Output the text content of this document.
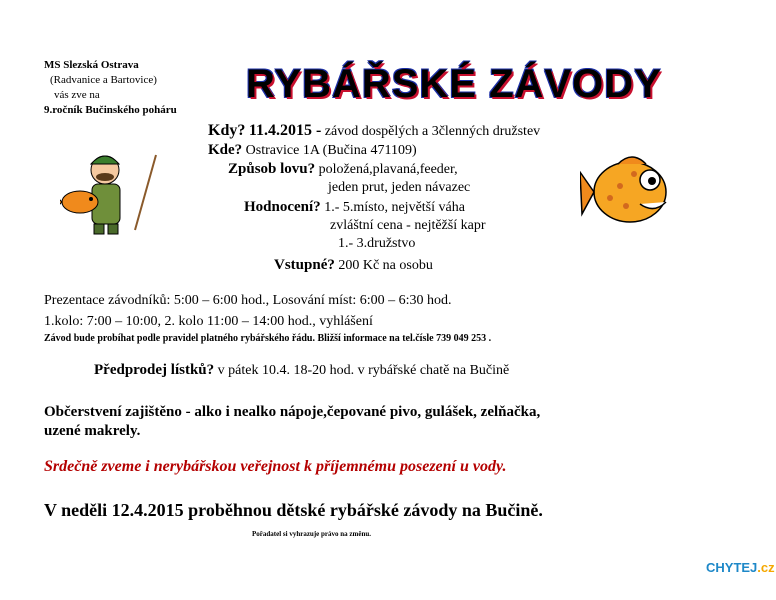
MS Slezská Ostrava
(Radvanice a Bartovice)
vás zve na
9.ročník Bučinského poháru
RYBÁŘSKÉ ZÁVODY
Kdy? 11.4.2015 - závod dospělých a 3členných družstev
Kde? Ostravice 1A (Bučina 471109)
Způsob lovu? položená,plavaná,feeder,
jeden prut, jeden návazec
Hodnocení? 1.- 5.místo, největší váha
zvláštní cena - nejtěžší kapr
1.- 3.družstvo
Vstupné? 200 Kč na osobu
Prezentace závodníků: 5:00 – 6:00 hod., Losování míst: 6:00 – 6:30 hod.
1.kolo: 7:00 – 10:00, 2. kolo 11:00 – 14:00 hod., vyhlášení
Závod bude probíhat podle pravidel platného rybářského řádu. Bližší informace na tel.čísle 739 049 253 .
Předprodej lístků? v pátek 10.4. 18-20 hod. v rybářské chatě na Bučině
Občerstvení zajištěno - alko i nealko nápoje,čepované pivo, gulášek, zelňačka,
uzené makrely.
Srdečně zveme i nerybářskou veřejnost k příjemnému posezení u vody.
V neděli 12.4.2015 proběhnou dětské rybářské závody na Bučině.
Pořadatel si vyhrazuje právo na změnu.
CHYTEJ.cz
